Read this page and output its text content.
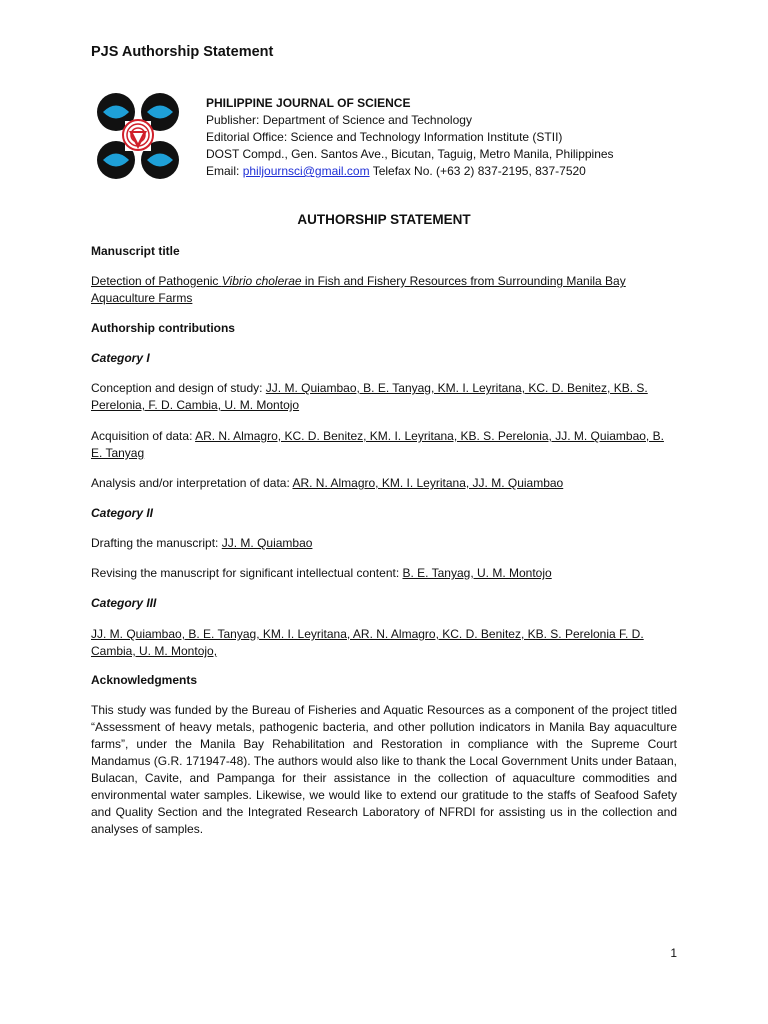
PJS Authorship Statement
PHILIPPINE JOURNAL OF SCIENCE
Publisher: Department of Science and Technology
Editorial Office: Science and Technology Information Institute (STII)
DOST Compd., Gen. Santos Ave., Bicutan, Taguig, Metro Manila, Philippines
Email: philjournsci@gmail.com Telefax No. (+63 2) 837-2195, 837-7520
AUTHORSHIP STATEMENT
Manuscript title
Detection of Pathogenic Vibrio cholerae in Fish and Fishery Resources from Surrounding Manila Bay Aquaculture Farms
Authorship contributions
Category I
Conception and design of study: JJ. M. Quiambao, B. E. Tanyag, KM. I. Leyritana, KC. D. Benitez, KB. S. Perelonia, F. D. Cambia, U. M. Montojo
Acquisition of data: AR. N. Almagro, KC. D. Benitez, KM. I. Leyritana, KB. S. Perelonia, JJ. M. Quiambao, B. E. Tanyag
Analysis and/or interpretation of data: AR. N. Almagro, KM. I. Leyritana, JJ. M. Quiambao
Category II
Drafting the manuscript: JJ. M. Quiambao
Revising the manuscript for significant intellectual content: B. E. Tanyag, U. M. Montojo
Category III
JJ. M. Quiambao, B. E. Tanyag, KM. I. Leyritana, AR. N. Almagro, KC. D. Benitez, KB. S. Perelonia F. D. Cambia, U. M. Montojo,
Acknowledgments
This study was funded by the Bureau of Fisheries and Aquatic Resources as a component of the project titled “Assessment of heavy metals, pathogenic bacteria, and other pollution indicators in Manila Bay aquaculture farms”, under the Manila Bay Rehabilitation and Restoration in compliance with the Supreme Court Mandamus (G.R. 171947-48). The authors would also like to thank the Local Government Units under Bataan, Bulacan, Cavite, and Pampanga for their assistance in the collection of aquaculture commodities and environmental water samples. Likewise, we would like to extend our gratitude to the staffs of Seafood Safety and Quality Section and the Integrated Research Laboratory of NFRDI for assisting us in the collection and analyses of samples.
1
